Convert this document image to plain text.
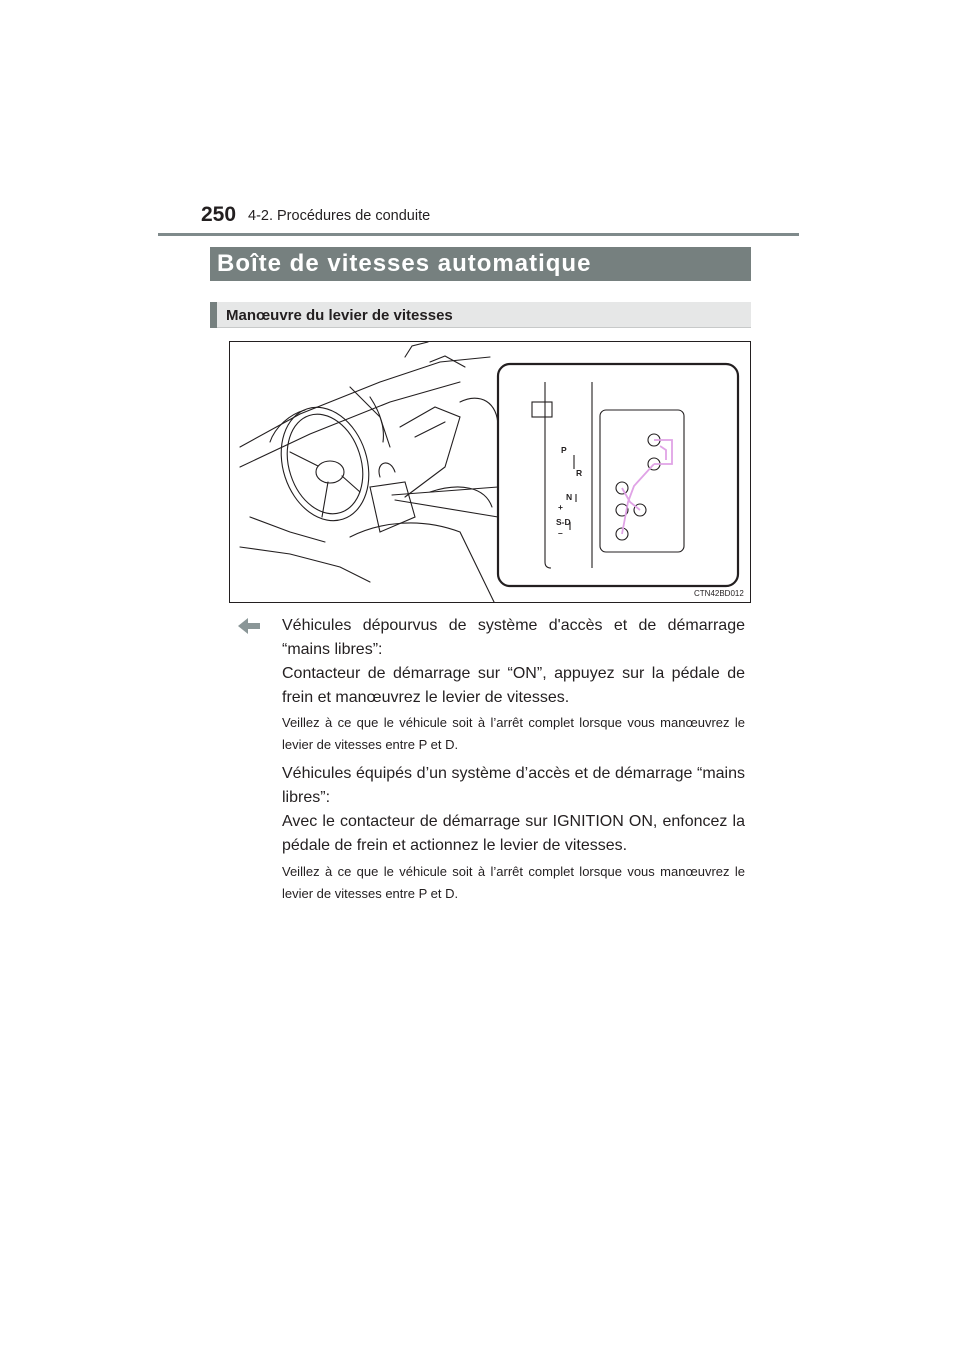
250 4-2. Procédures de conduite
Boîte de vitesses automatique
Manœuvre du levier de vitesses
P
R
N
S-D
+
–
CTN42BD012

Véhicules dépourvus de système d'accès et de démarrage “mains libres”:

Contacteur de démarrage sur “ON”, appuyez sur la pédale de frein et manœuvrez le levier de vitesses.

Veillez à ce que le véhicule soit à l’arrêt complet lorsque vous manœuvrez le levier de vitesses entre P et D.

Véhicules équipés d’un système d’accès et de démarrage “mains libres”:

Avec le contacteur de démarrage sur IGNITION ON, enfoncez la pédale de frein et actionnez le levier de vitesses.

Veillez à ce que le véhicule soit à l’arrêt complet lorsque vous manœuvrez le levier de vitesses entre P et D.
